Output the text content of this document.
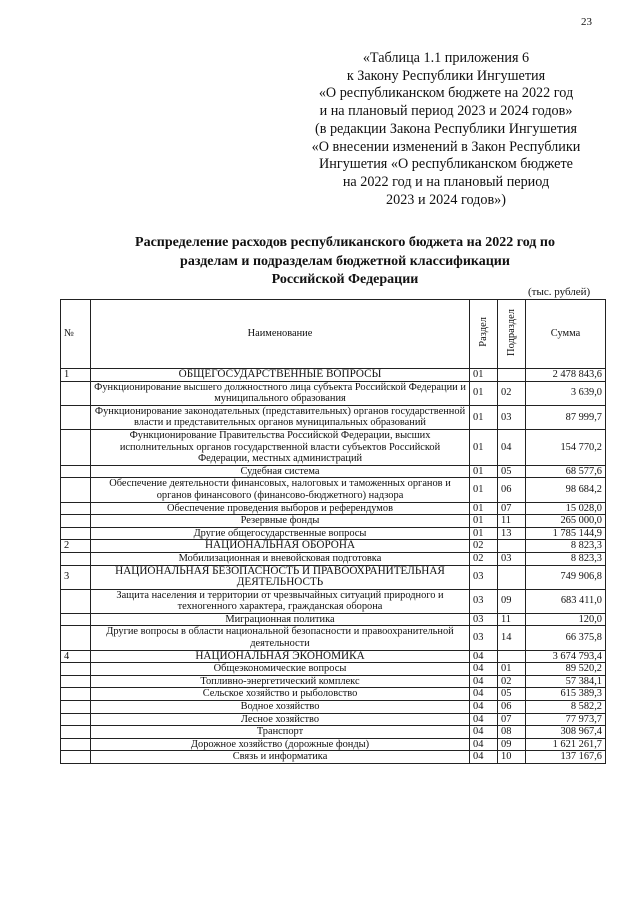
23
«Таблица 1.1 приложения 6
к Закону Республики Ингушетия
«О республиканском бюджете на 2022 год
и на плановый период 2023 и 2024 годов»
(в редакции Закона Республики Ингушетия
«О внесении изменений в Закон Республики
Ингушетия «О республиканском бюджете
на 2022 год и на плановый период
2023 и 2024 годов»)
Распределение расходов республиканского бюджета на 2022 год по
разделам и подразделам бюджетной классификации
Российской Федерации
(тыс. рублей)
№	Наименование	Раздел	Подраздел	Сумма
1	ОБЩЕГОСУДАРСТВЕННЫЕ ВОПРОСЫ	01		2 478 843,6
	Функционирование высшего должностного лица субъекта Российской Федерации и муниципального образования	01	02	3 639,0
	Функционирование законодательных (представительных) органов государственной власти и представительных органов муниципальных образований	01	03	87 999,7
	Функционирование Правительства Российской Федерации, высших исполнительных органов государственной власти субъектов Российской Федерации, местных администраций	01	04	154 770,2
	Судебная система	01	05	68 577,6
	Обеспечение деятельности финансовых, налоговых и таможенных органов и органов финансового (финансово-бюджетного) надзора	01	06	98 684,2
	Обеспечение проведения выборов и референдумов	01	07	15 028,0
	Резервные фонды	01	11	265 000,0
	Другие общегосударственные вопросы	01	13	1 785 144,9
2	НАЦИОНАЛЬНАЯ ОБОРОНА	02		8 823,3
	Мобилизационная и вневойсковая подготовка	02	03	8 823,3
3	НАЦИОНАЛЬНАЯ БЕЗОПАСНОСТЬ И ПРАВООХРАНИТЕЛЬНАЯ ДЕЯТЕЛЬНОСТЬ	03		749 906,8
	Защита населения и территории от чрезвычайных ситуаций природного и техногенного характера, гражданская оборона	03	09	683 411,0
	Миграционная политика	03	11	120,0
	Другие вопросы в области национальной безопасности и правоохранительной деятельности	03	14	66 375,8
4	НАЦИОНАЛЬНАЯ ЭКОНОМИКА	04		3 674 793,4
	Общеэкономические вопросы	04	01	89 520,2
	Топливно-энергетический комплекс	04	02	57 384,1
	Сельское хозяйство и рыболовство	04	05	615 389,3
	Водное хозяйство	04	06	8 582,2
	Лесное хозяйство	04	07	77 973,7
	Транспорт	04	08	308 967,4
	Дорожное хозяйство (дорожные фонды)	04	09	1 621 261,7
	Связь и информатика	04	10	137 167,6
